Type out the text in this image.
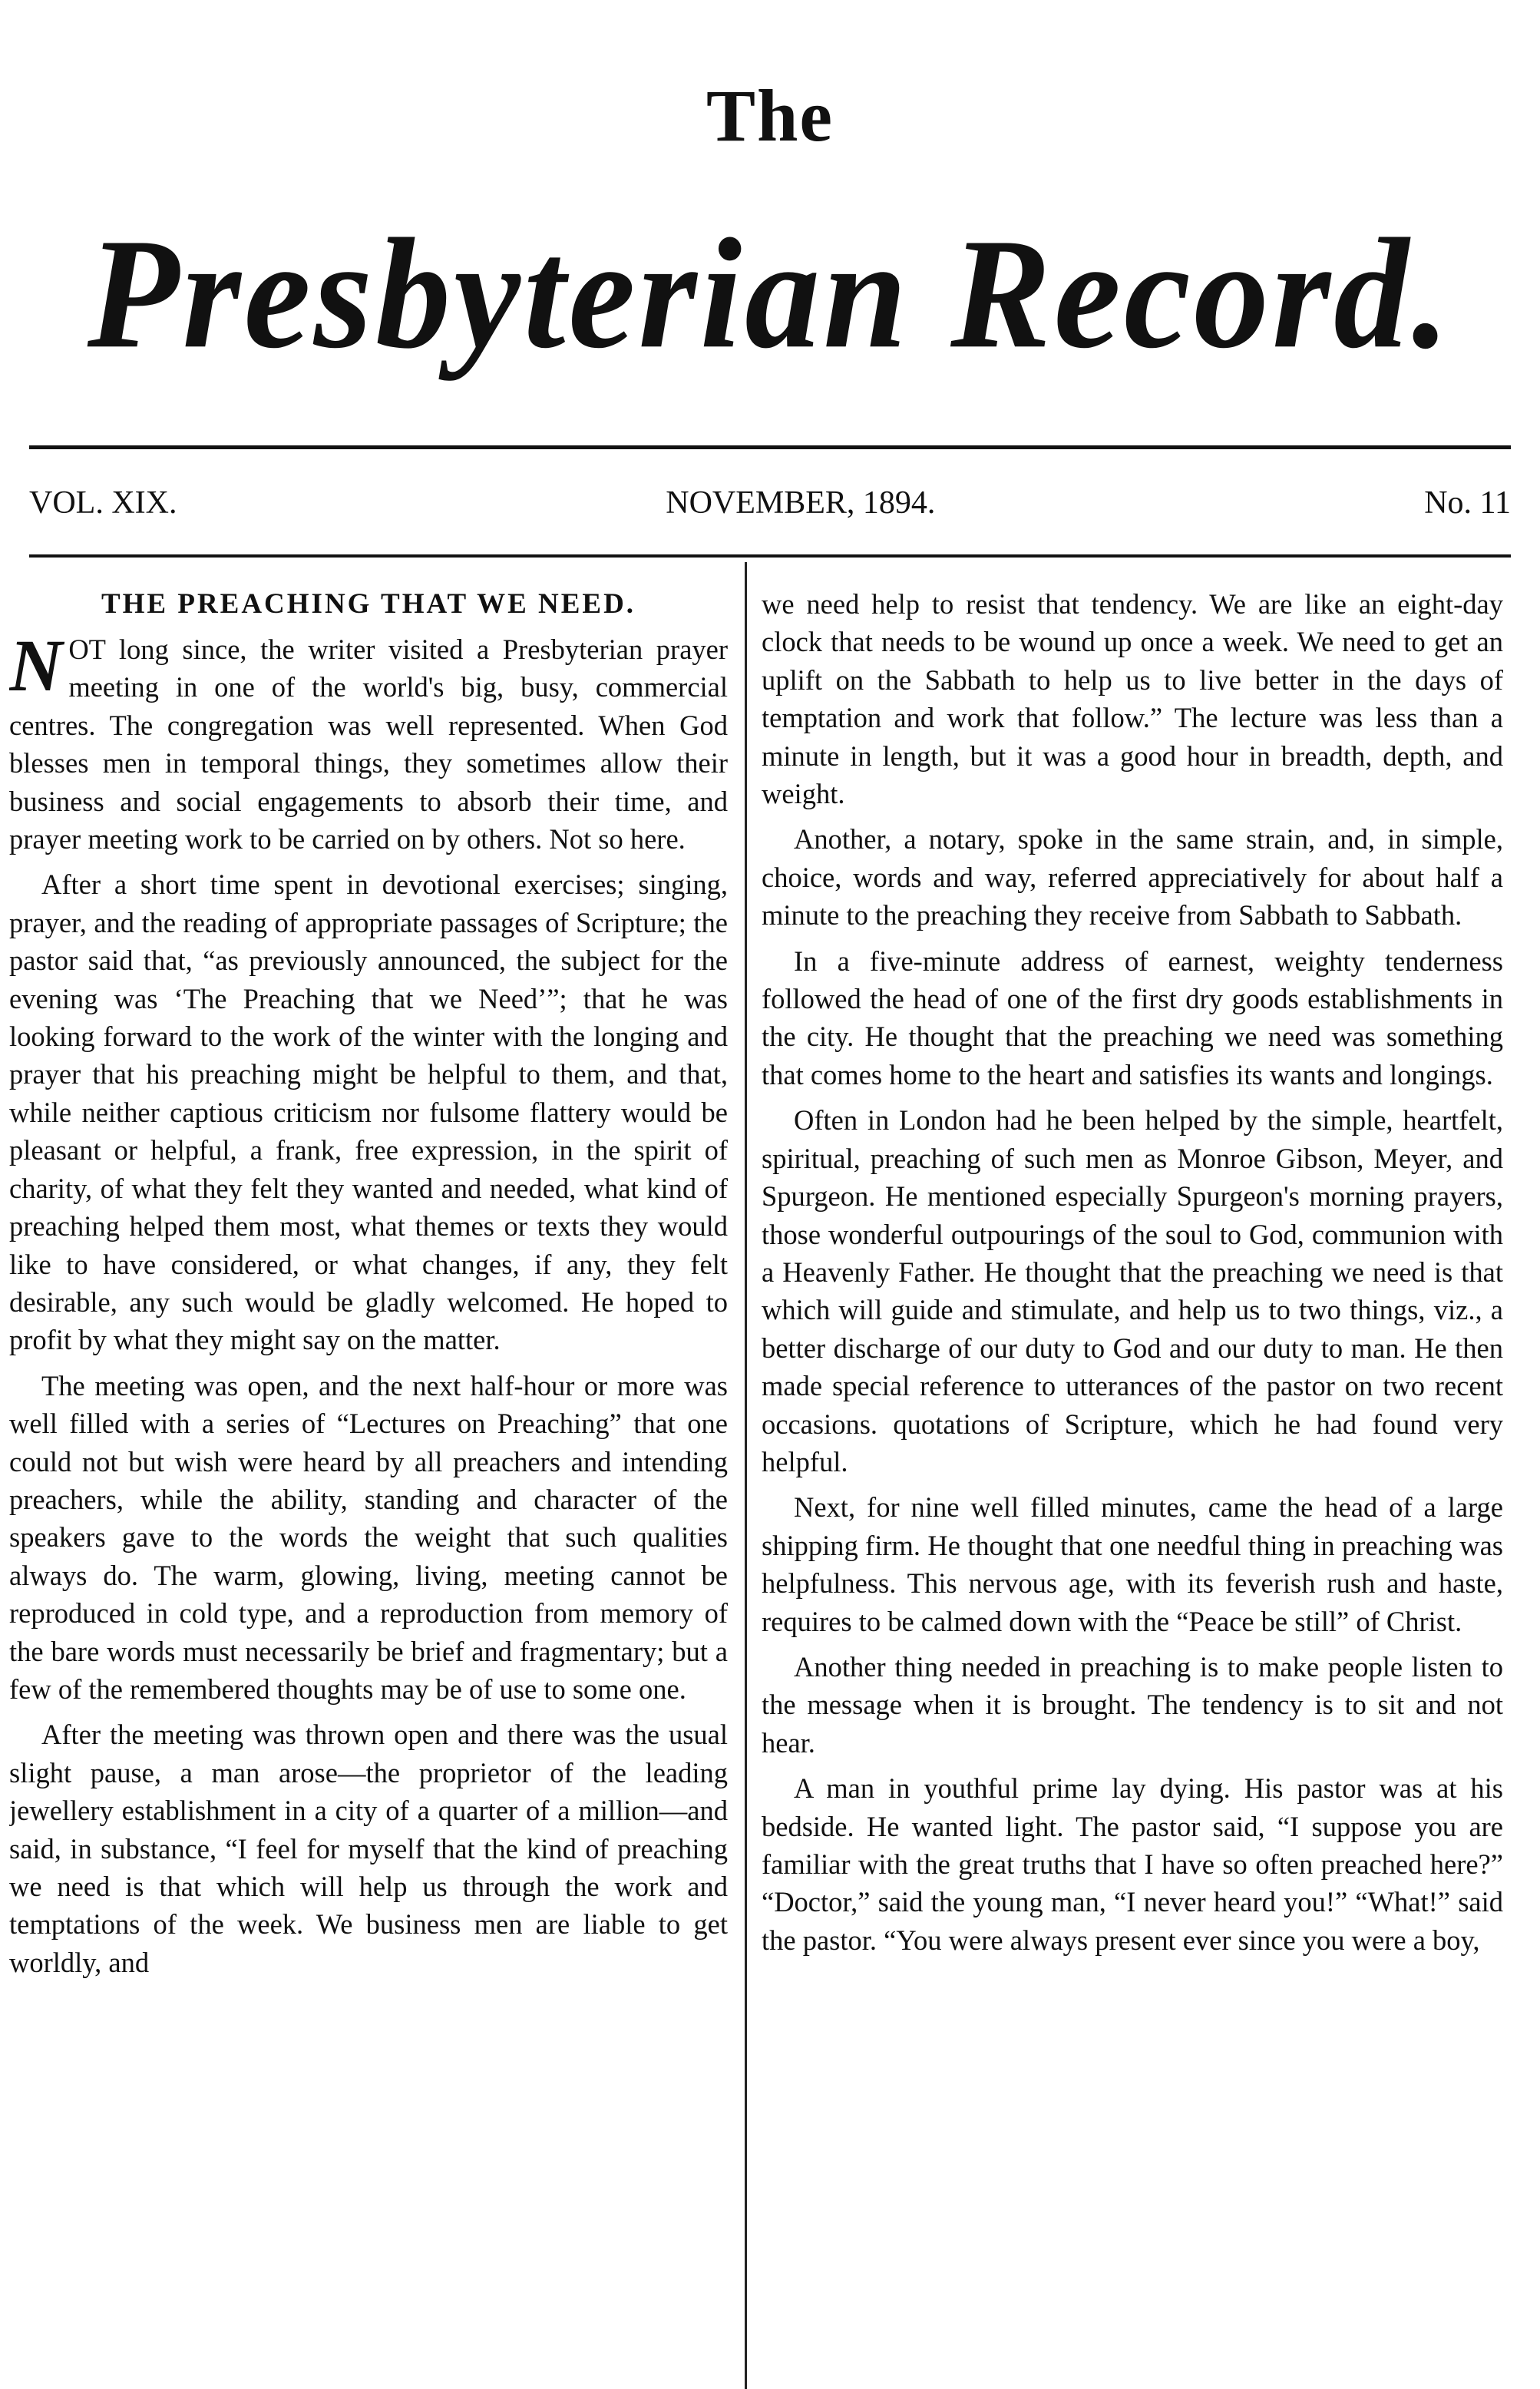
The
Presbyterian Record.
VOL. XIX.	NOVEMBER, 1894.	No. 11
THE PREACHING THAT WE NEED.

NOT long since, the writer visited a Presbyterian prayer meeting in one of the world's big, busy, commercial centres. The congregation was well represented. When God blesses men in temporal things, they sometimes allow their business and social engagements to absorb their time, and prayer meeting work to be carried on by others. Not so here.

After a short time spent in devotional exercises; singing, prayer, and the reading of appropriate passages of Scripture; the pastor said that, “as previously announced, the subject for the evening was ‘The Preaching that we Need’”; that he was looking forward to the work of the winter with the longing and prayer that his preaching might be helpful to them, and that, while neither captious criticism nor fulsome flattery would be pleasant or helpful, a frank, free expression, in the spirit of charity, of what they felt they wanted and needed, what kind of preaching helped them most, what themes or texts they would like to have considered, or what changes, if any, they felt desirable, any such would be gladly welcomed. He hoped to profit by what they might say on the matter.

The meeting was open, and the next half-hour or more was well filled with a series of “Lectures on Preaching” that one could not but wish were heard by all preachers and intending preachers, while the ability, standing and character of the speakers gave to the words the weight that such qualities always do. The warm, glowing, living, meeting cannot be reproduced in cold type, and a reproduction from memory of the bare words must necessarily be brief and fragmentary; but a few of the remembered thoughts may be of use to some one.

After the meeting was thrown open and there was the usual slight pause, a man arose—the proprietor of the leading jewellery establishment in a city of a quarter of a million—and said, in substance, “I feel for myself that the kind of preaching we need is that which will help us through the work and temptations of the week. We business men are liable to get worldly, and

we need help to resist that tendency. We are like an eight-day clock that needs to be wound up once a week. We need to get an uplift on the Sabbath to help us to live better in the days of temptation and work that follow.” The lecture was less than a minute in length, but it was a good hour in breadth, depth, and weight.

Another, a notary, spoke in the same strain, and, in simple, choice, words and way, referred appreciatively for about half a minute to the preaching they receive from Sabbath to Sabbath.

In a five-minute address of earnest, weighty tenderness followed the head of one of the first dry goods establishments in the city. He thought that the preaching we need was something that comes home to the heart and satisfies its wants and longings.

Often in London had he been helped by the simple, heartfelt, spiritual, preaching of such men as Monroe Gibson, Meyer, and Spurgeon. He mentioned especially Spurgeon's morning prayers, those wonderful outpourings of the soul to God, communion with a Heavenly Father. He thought that the preaching we need is that which will guide and stimulate, and help us to two things, viz., a better discharge of our duty to God and our duty to man. He then made special reference to utterances of the pastor on two recent occasions. quotations of Scripture, which he had found very helpful.

Next, for nine well filled minutes, came the head of a large shipping firm. He thought that one needful thing in preaching was helpfulness. This nervous age, with its feverish rush and haste, requires to be calmed down with the “Peace be still” of Christ.

Another thing needed in preaching is to make people listen to the message when it is brought. The tendency is to sit and not hear.

A man in youthful prime lay dying. His pastor was at his bedside. He wanted light. The pastor said, “I suppose you are familiar with the great truths that I have so often preached here?” “Doctor,” said the young man, “I never heard you!” “What!” said the pastor. “You were always present ever since you were a boy,
